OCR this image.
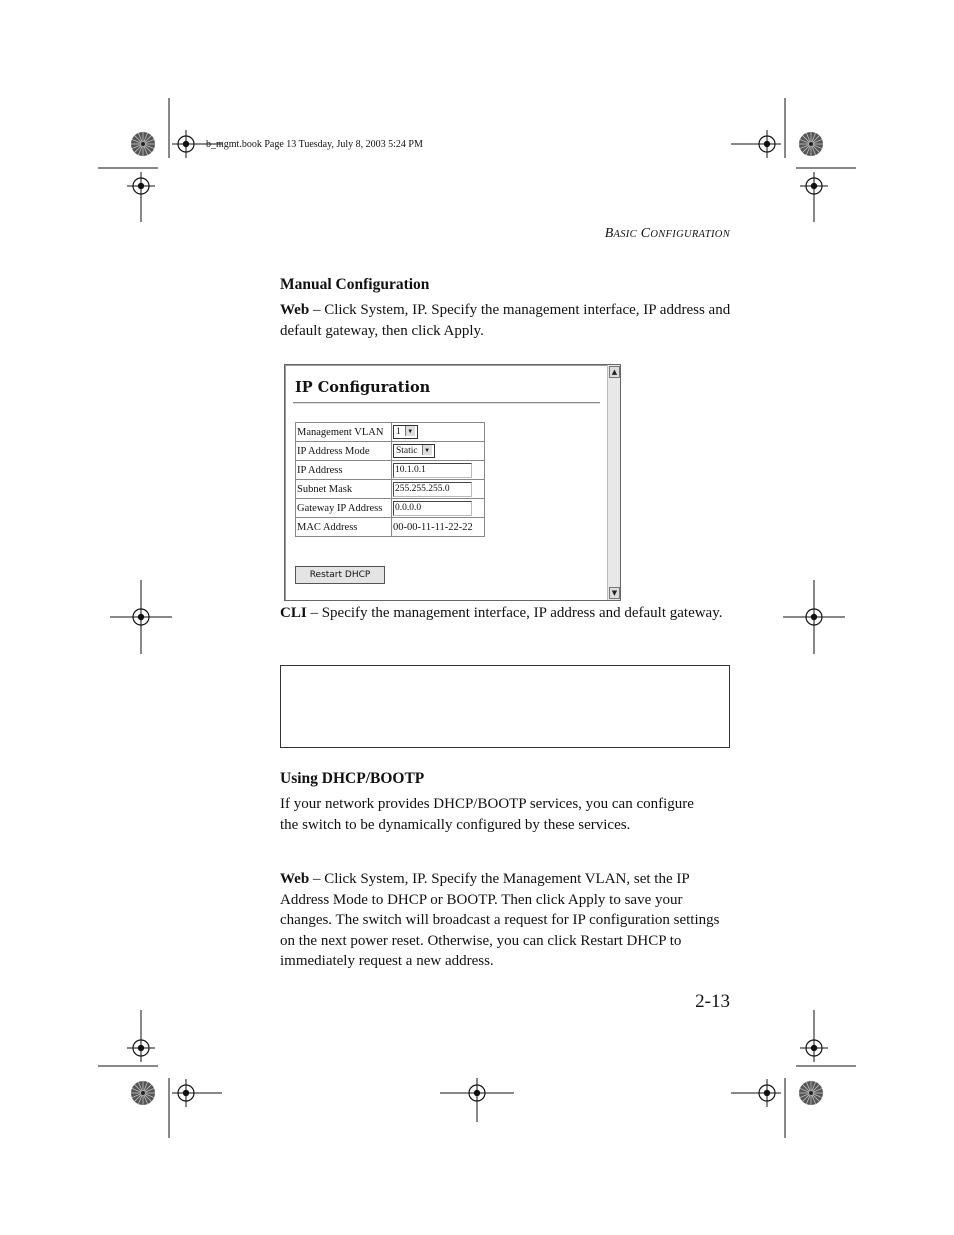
b_mgmt.book Page 13 Tuesday, July 8, 2003 5:24 PM
BASIC CONFIGURATION
Manual Configuration
Web – Click System, IP. Specify the management interface, IP address and default gateway, then click Apply.
IP Configuration
▲
▼
Management VLAN	1 ▼
IP Address Mode	Static ▼
IP Address	10.1.0.1
Subnet Mask	255.255.255.0
Gateway IP Address	0.0.0.0
MAC Address	00-00-11-11-22-22
Restart DHCP
CLI – Specify the management interface, IP address and default gateway.
Using DHCP/BOOTP
If your network provides DHCP/BOOTP services, you can configure the switch to be dynamically configured by these services.
Web – Click System, IP. Specify the Management VLAN, set the IP Address Mode to DHCP or BOOTP. Then click Apply to save your changes. The switch will broadcast a request for IP configuration settings on the next power reset. Otherwise, you can click Restart DHCP to immediately request a new address.
2-13
